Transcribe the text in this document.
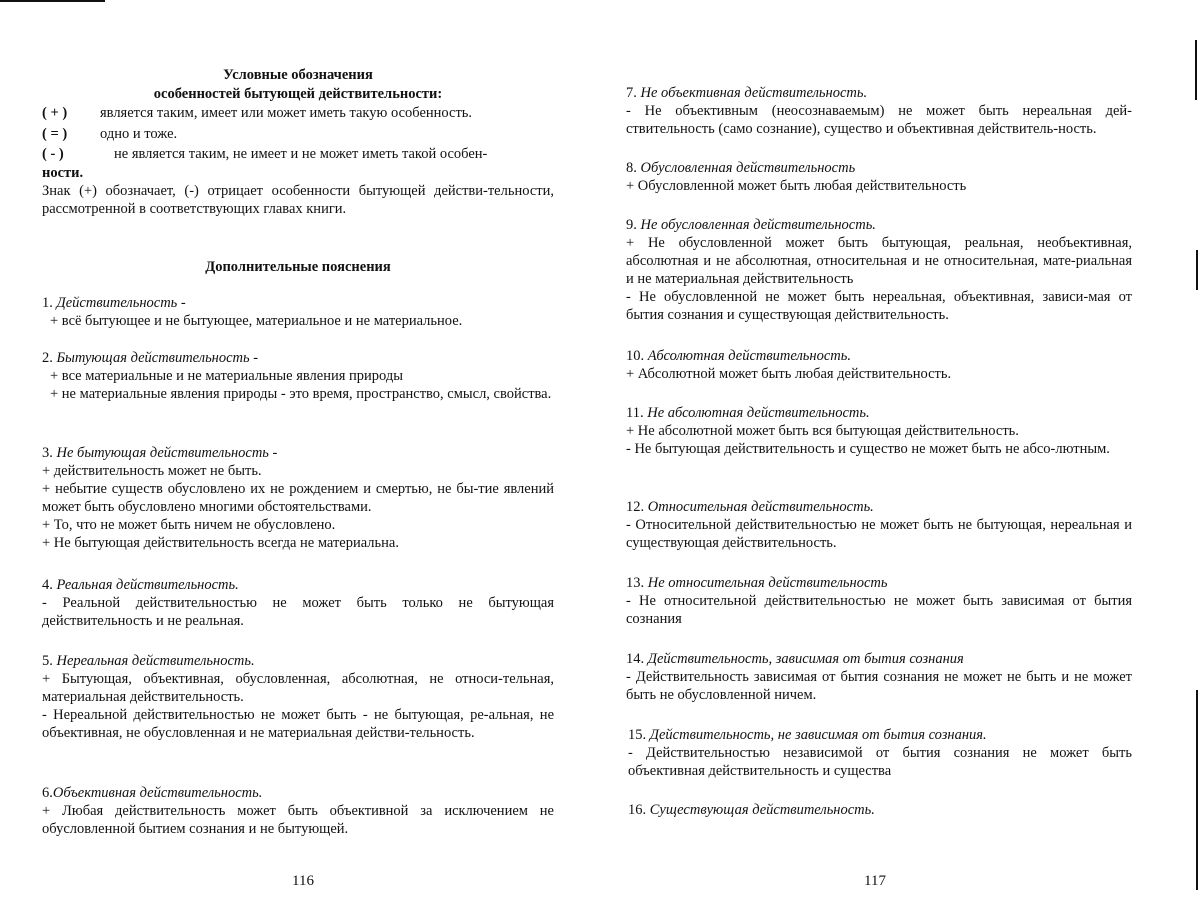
Условные обозначения
особенностей бытующей действительности:
( + )	является таким, имеет или может иметь такую особенность.
( = )	одно и тоже.
( - )	не является таким, не имеет и не может иметь такой особен-
ности.
Знак (+) обозначает, (-) отрицает особенности бытующей действи-тельности, рассмотренной в соответствующих главах книги.
Дополнительные пояснения
1. Действительность -
+ всё бытующее и не бытующее, материальное и не материальное.
2. Бытующая действительность -
+ все материальные и не материальные явления природы
+ не материальные явления природы - это время, пространство, смысл, свойства.
3. Не бытующая действительность -
+ действительность может не быть.
+ небытие существ обусловлено их не рождением и смертью, не бы-тие явлений может быть обусловлено многими обстоятельствами.
+ То, что не может быть ничем не обусловлено.
+ Не бытующая действительность всегда не материальна.
4. Реальная действительность.
- Реальной действительностью не может быть только не бытующая действительность и не реальная.
5. Нереальная действительность.
+ Бытующая, объективная, обусловленная, абсолютная, не относи-тельная, материальная действительность.
- Нереальной действительностью не может быть - не бытующая, ре-альная, не объективная, не обусловленная и не материальная действи-тельность.
6.Объективная действительность.
+ Любая действительность может быть объективной за исключением не обусловленной бытием сознания и не бытующей.
116
7. Не объективная действительность.
- Не объективным (неосознаваемым) не может быть нереальная дей-ствительность (само сознание), существо и объективная действитель-ность.
8. Обусловленная действительность
+ Обусловленной может быть любая действительность
9. Не обусловленная действительность.
+ Не обусловленной может быть бытующая, реальная, необъективная, абсолютная и не абсолютная, относительная и не относительная, мате-риальная и не материальная действительность
- Не обусловленной не может быть нереальная, объективная, зависи-мая от бытия сознания и существующая действительность.
10. Абсолютная действительность.
+ Абсолютной может быть любая действительность.
11. Не абсолютная действительность.
+ Не абсолютной может быть вся бытующая действительность.
- Не бытующая действительность и существо не может быть не абсо-лютным.
12. Относительная действительность.
- Относительной действительностью не может быть не бытующая, нереальная и существующая действительность.
13. Не относительная действительность
- Не относительной действительностью не может быть зависимая от бытия сознания
14. Действительность, зависимая от бытия сознания
- Действительность зависимая от бытия сознания не может не быть и не может быть не обусловленной ничем.
15. Действительность, не зависимая от бытия сознания.
- Действительностью независимой от бытия сознания не может быть объективная действительность и существа
16. Существующая действительность.
117
